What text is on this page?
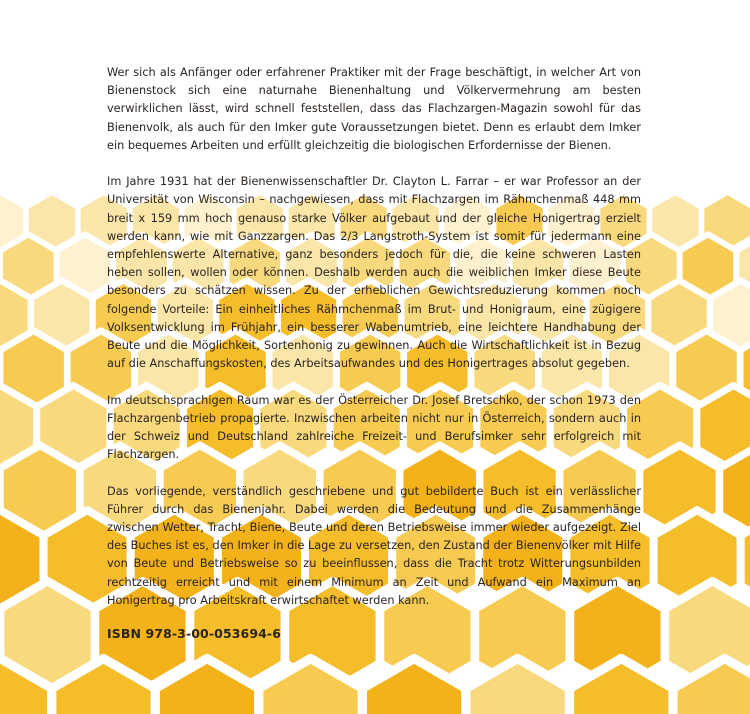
Wer sich als Anfänger oder erfahrener Praktiker mit der Frage beschäftigt, in welcher Art von Bienenstock sich eine naturnahe Bienenhaltung und Völkervermehrung am besten verwirklichen lässt, wird schnell feststellen, dass das Flachzargen-Magazin sowohl für das Bienenvolk, als auch für den Imker gute Voraussetzungen bietet. Denn es erlaubt dem Imker ein bequemes Arbeiten und erfüllt gleichzeitig die biologischen Erfordernisse der Bienen.

Im Jahre 1931 hat der Bienenwissenschaftler Dr. Clayton L. Farrar – er war Professor an der Universität von Wisconsin – nachgewiesen, dass mit Flachzargen im Rähmchenmaß 448 mm breit x 159 mm hoch genauso starke Völker aufgebaut und der gleiche Honigertrag erzielt werden kann, wie mit Ganzzargen. Das 2/3 Langstroth-System ist somit für jedermann eine empfehlenswerte Alternative, ganz besonders jedoch für die, die keine schweren Lasten heben sollen, wollen oder können. Deshalb werden auch die weiblichen Imker diese Beute besonders zu schätzen wissen. Zu der erheblichen Gewichtsreduzierung kommen noch folgende Vorteile: Ein einheitliches Rähmchenmaß im Brut- und Honigraum, eine zügigere Volksentwicklung im Frühjahr, ein besserer Wabenumtrieb, eine leichtere Handhabung der Beute und die Möglichkeit, Sortenhonig zu gewinnen. Auch die Wirtschaftlichkeit ist in Bezug auf die Anschaffungskosten, des Arbeitsaufwandes und des Honigertrages absolut gegeben.

Im deutschsprachigen Raum war es der Österreicher Dr. Josef Bretschko, der schon 1973 den Flachzargenbetrieb propagierte. Inzwischen arbeiten nicht nur in Österreich, sondern auch in der Schweiz und Deutschland zahlreiche Freizeit- und Berufsimker sehr erfolgreich mit Flachzargen.

Das vorliegende, verständlich geschriebene und gut bebilderte Buch ist ein verlässlicher Führer durch das Bienenjahr. Dabei werden die Bedeutung und die Zusammenhänge zwischen Wetter, Tracht, Biene, Beute und deren Betriebsweise immer wieder aufgezeigt. Ziel des Buches ist es, den Imker in die Lage zu versetzen, den Zustand der Bienenvölker mit Hilfe von Beute und Betriebsweise so zu beeinflussen, dass die Tracht trotz Witterungsunbilden rechtzeitig erreicht und mit einem Minimum an Zeit und Aufwand ein Maximum an Honigertrag pro Arbeitskraft erwirtschaftet werden kann.

ISBN 978-3-00-053694-6
